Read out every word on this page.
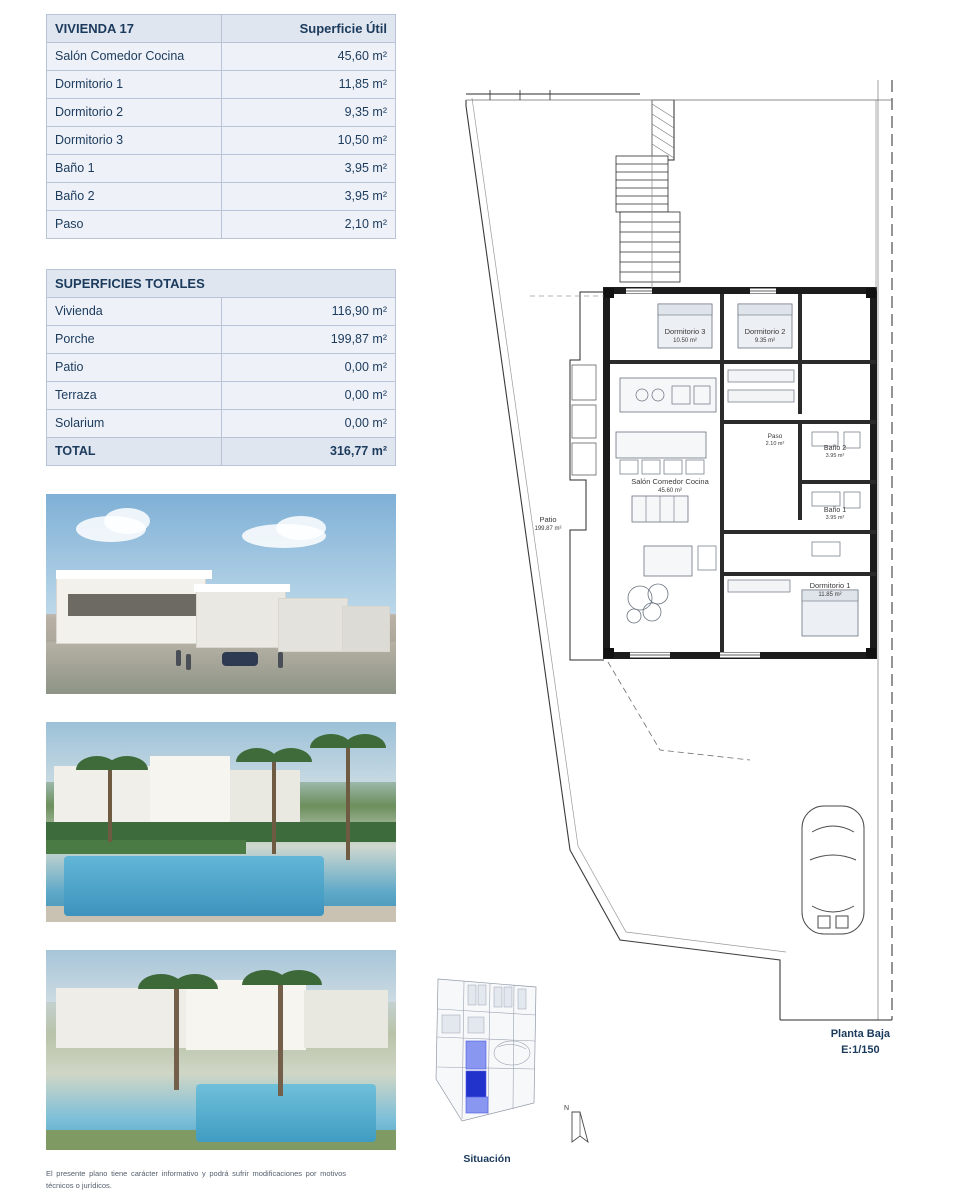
VIVIENDA 17	Superficie Útil
Salón Comedor Cocina	45,60 m²
Dormitorio 1	11,85 m²
Dormitorio 2	9,35 m²
Dormitorio 3	10,50 m²
Baño 1	3,95 m²
Baño 2	3,95 m²
Paso	2,10 m²
SUPERFICIES TOTALES	
Vivienda	116,90 m²
Porche	199,87 m²
Patio	0,00 m²
Terraza	0,00 m²
Solarium	0,00 m²
TOTAL	316,77 m²
El presente plano tiene carácter informativo y podrá sufrir modificaciones por motivos técnicos o jurídicos.
Dormitorio 3
10.50 m²
Dormitorio 2
9.35 m²
Dormitorio 1
11.85 m²
Salón Comedor Cocina
45.60 m²
Baño 2
3.95 m²
Baño 1
3.95 m²
Paso
2.10 m²
Patio
199.87 m²
Planta Baja
E:1/150
Situación
N
